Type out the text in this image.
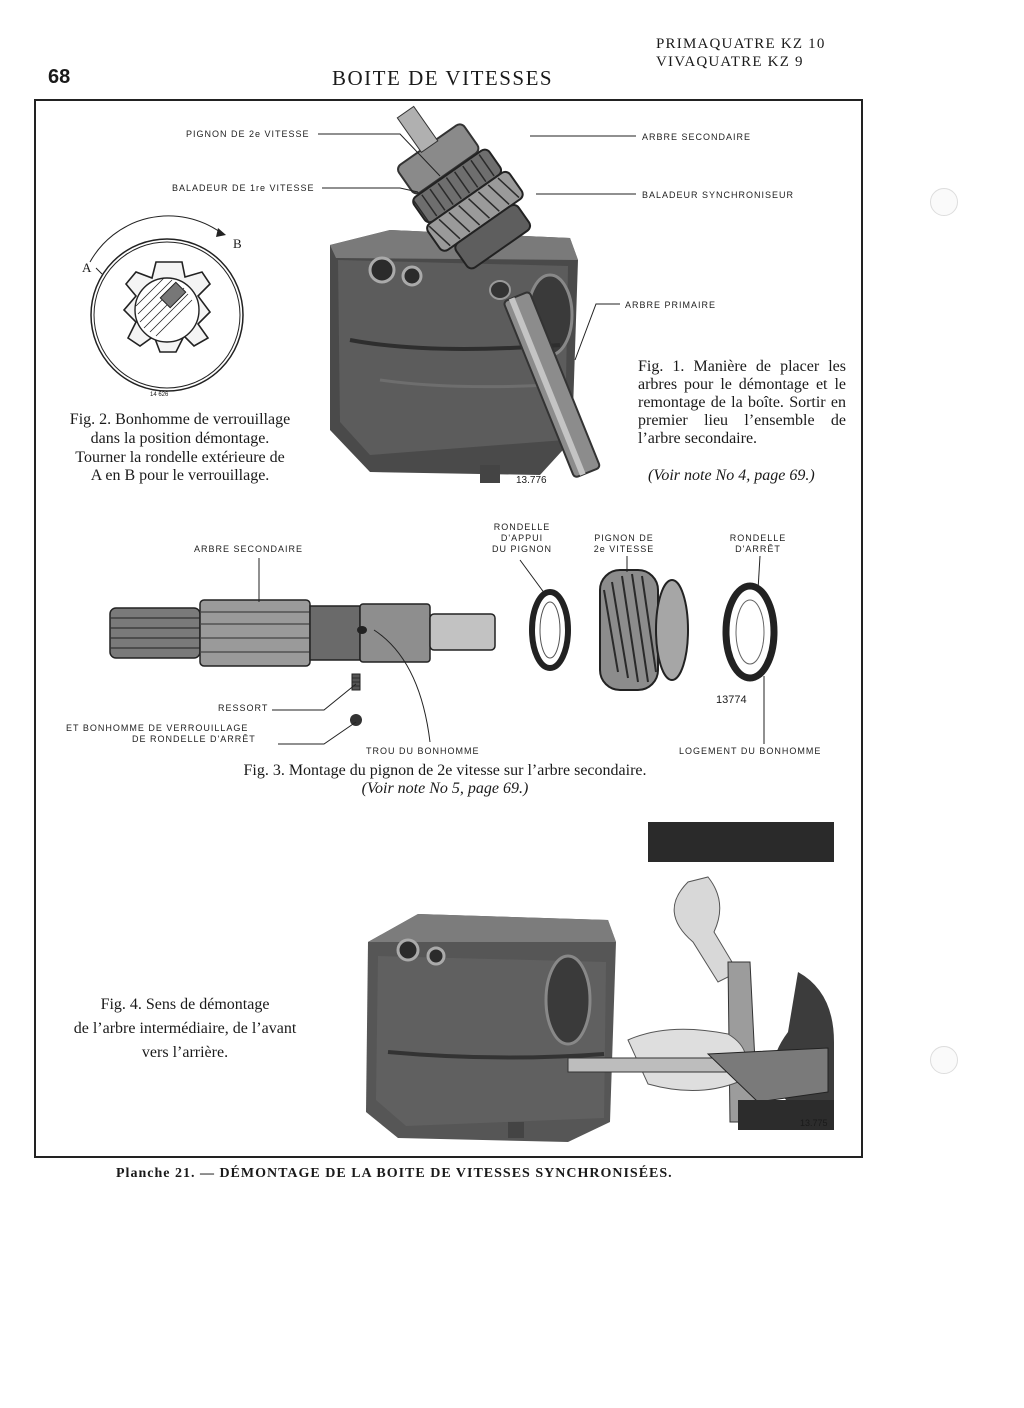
68	BOITE DE VITESSES
PRIMAQUATRE KZ 10
VIVAQUATRE KZ 9
PIGNON DE 2e VITESSE
BALADEUR DE 1re VITESSE
ARBRE SECONDAIRE
BALADEUR SYNCHRONISEUR
ARBRE PRIMAIRE
13.776
Fig. 1. Manière de placer les arbres pour le démontage et le remontage de la boîte. Sortir en premier lieu l’ensemble de l’arbre secondaire.
(Voir note No 4, page 69.)
A
B
14 626
Fig. 2. Bonhomme de verrouillage
dans la position démontage.
Tourner la rondelle extérieure de
A en B pour le verrouillage.
ARBRE SECONDAIRE
RONDELLE
D'APPUI
DU PIGNON
PIGNON DE
2e VITESSE
RONDELLE
D'ARRÊT
RESSORT
ET BONHOMME DE VERROUILLAGE
DE RONDELLE D'ARRÊT
TROU DU BONHOMME	LOGEMENT DU BONHOMME
13774
Fig. 3. Montage du pignon de 2e vitesse sur l’arbre secondaire.
(Voir note No 5, page 69.)
13.775
Fig. 4. Sens de démontage
de l’arbre intermédiaire, de l’avant
vers l’arrière.
Planche 21. — DÉMONTAGE DE LA BOITE DE VITESSES SYNCHRONISÉES.
